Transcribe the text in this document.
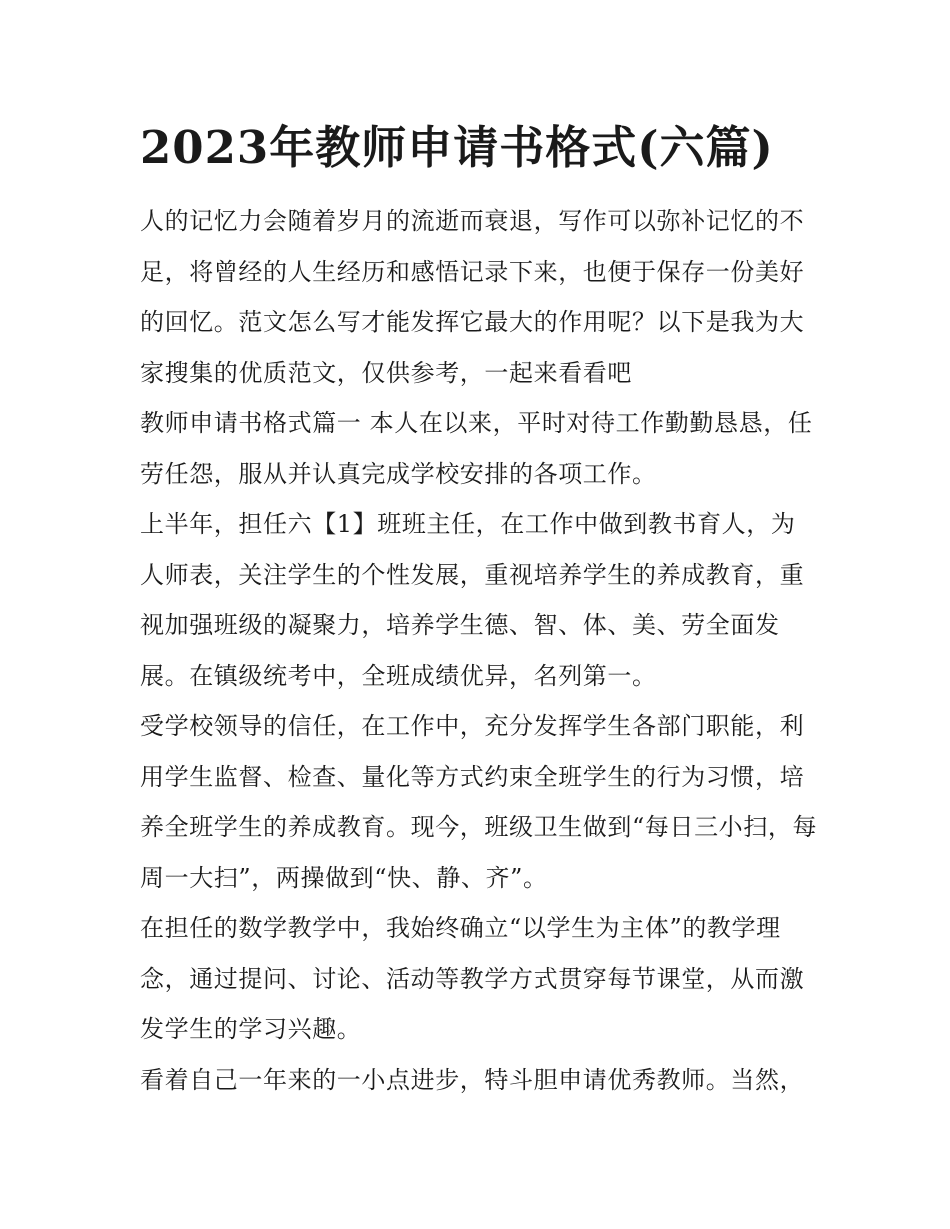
2023年教师申请书格式(六篇)

人的记忆力会随着岁月的流逝而衰退，写作可以弥补记忆的不足，将曾经的人生经历和感悟记录下来，也便于保存一份美好的回忆。范文怎么写才能发挥它最大的作用呢？以下是我为大家搜集的优质范文，仅供参考，一起来看看吧

教师申请书格式篇一 本人在以来，平时对待工作勤勤恳恳，任劳任怨，服从并认真完成学校安排的各项工作。

上半年，担任六【1】班班主任，在工作中做到教书育人，为人师表，关注学生的个性发展，重视培养学生的养成教育，重视加强班级的凝聚力，培养学生德、智、体、美、劳全面发展。在镇级统考中，全班成绩优异，名列第一。

受学校领导的信任，在工作中，充分发挥学生各部门职能，利用学生监督、检查、量化等方式约束全班学生的行为习惯，培养全班学生的养成教育。现今，班级卫生做到“每日三小扫，每周一大扫”，两操做到“快、静、齐”。

在担任的数学教学中，我始终确立“以学生为主体”的教学理念，通过提问、讨论、活动等教学方式贯穿每节课堂，从而激发学生的学习兴趣。

看着自己一年来的一小点进步，特斗胆申请优秀教师。当然，
